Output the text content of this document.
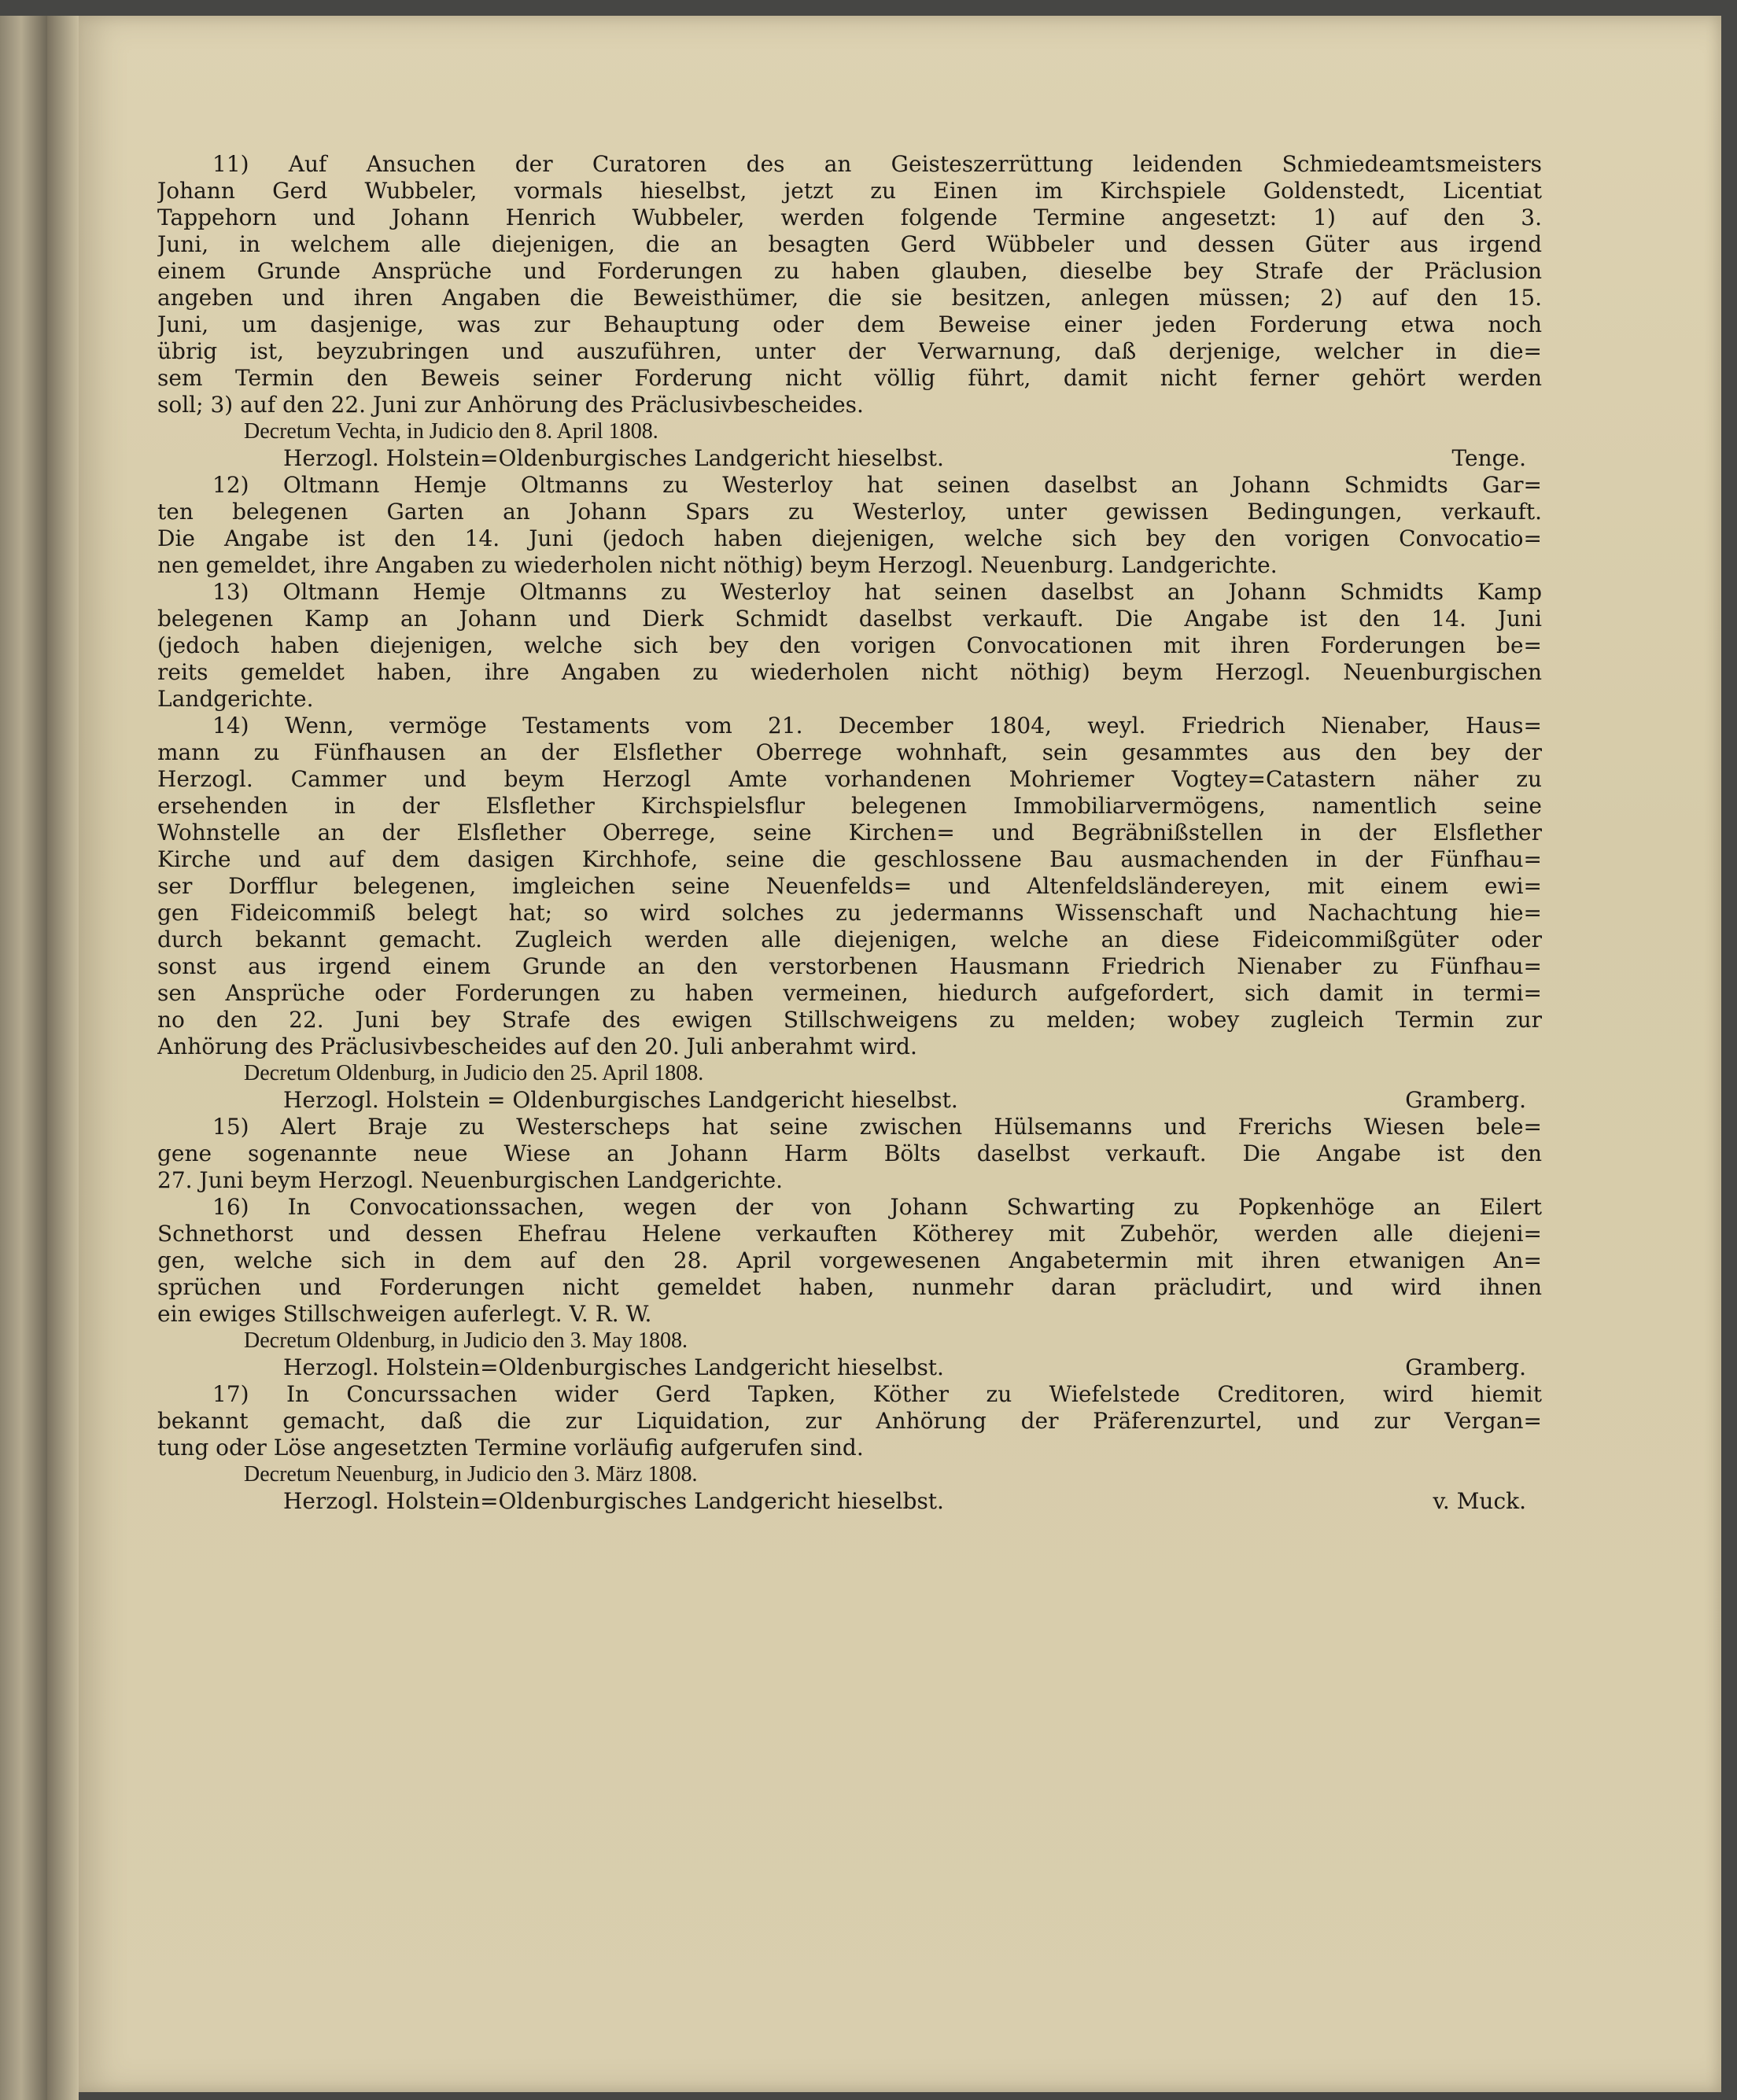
11) Auf Ansuchen der Curatoren des an Geisteszerrüttung leidenden Schmiedeamtsmeisters
Johann Gerd Wubbeler, vormals hieselbst, jetzt zu Einen im Kirchspiele Goldenstedt, Licentiat
Tappehorn und Johann Henrich Wubbeler, werden folgende Termine angesetzt: 1) auf den 3.
Juni, in welchem alle diejenigen, die an besagten Gerd Wübbeler und dessen Güter aus irgend
einem Grunde Ansprüche und Forderungen zu haben glauben, dieselbe bey Strafe der Präclusion
angeben und ihren Angaben die Beweisthümer, die sie besitzen, anlegen müssen; 2) auf den 15.
Juni, um dasjenige, was zur Behauptung oder dem Beweise einer jeden Forderung etwa noch
übrig ist, beyzubringen und auszuführen, unter der Verwarnung, daß derjenige, welcher in die=
sem Termin den Beweis seiner Forderung nicht völlig führt, damit nicht ferner gehört werden
soll; 3) auf den 22. Juni zur Anhörung des Präclusivbescheides.
Decretum Vechta, in Judicio den 8. April 1808.
Herzogl. Holstein=Oldenburgisches Landgericht hieselbst.	Tenge.
12) Oltmann Hemje Oltmanns zu Westerloy hat seinen daselbst an Johann Schmidts Gar=
ten belegenen Garten an Johann Spars zu Westerloy, unter gewissen Bedingungen, verkauft.
Die Angabe ist den 14. Juni (jedoch haben diejenigen, welche sich bey den vorigen Convocatio=
nen gemeldet, ihre Angaben zu wiederholen nicht nöthig) beym Herzogl. Neuenburg. Landgerichte.
13) Oltmann Hemje Oltmanns zu Westerloy hat seinen daselbst an Johann Schmidts Kamp
belegenen Kamp an Johann und Dierk Schmidt daselbst verkauft. Die Angabe ist den 14. Juni
(jedoch haben diejenigen, welche sich bey den vorigen Convocationen mit ihren Forderungen be=
reits gemeldet haben, ihre Angaben zu wiederholen nicht nöthig) beym Herzogl. Neuenburgischen
Landgerichte.
14) Wenn, vermöge Testaments vom 21. December 1804, weyl. Friedrich Nienaber, Haus=
mann zu Fünfhausen an der Elsflether Oberrege wohnhaft, sein gesammtes aus den bey der
Herzogl. Cammer und beym Herzogl Amte vorhandenen Mohriemer Vogtey=Catastern näher zu
ersehenden in der Elsflether Kirchspielsflur belegenen Immobiliarvermögens, namentlich seine
Wohnstelle an der Elsflether Oberrege, seine Kirchen= und Begräbnißstellen in der Elsflether
Kirche und auf dem dasigen Kirchhofe, seine die geschlossene Bau ausmachenden in der Fünfhau=
ser Dorfflur belegenen, imgleichen seine Neuenfelds= und Altenfeldsländereyen, mit einem ewi=
gen Fideicommiß belegt hat; so wird solches zu jedermanns Wissenschaft und Nachachtung hie=
durch bekannt gemacht. Zugleich werden alle diejenigen, welche an diese Fideicommißgüter oder
sonst aus irgend einem Grunde an den verstorbenen Hausmann Friedrich Nienaber zu Fünfhau=
sen Ansprüche oder Forderungen zu haben vermeinen, hiedurch aufgefordert, sich damit in termi=
no den 22. Juni bey Strafe des ewigen Stillschweigens zu melden; wobey zugleich Termin zur
Anhörung des Präclusivbescheides auf den 20. Juli anberahmt wird.
Decretum Oldenburg, in Judicio den 25. April 1808.
Herzogl. Holstein = Oldenburgisches Landgericht hieselbst.	Gramberg.
15) Alert Braje zu Westerscheps hat seine zwischen Hülsemanns und Frerichs Wiesen bele=
gene sogenannte neue Wiese an Johann Harm Bölts daselbst verkauft. Die Angabe ist den
27. Juni beym Herzogl. Neuenburgischen Landgerichte.
16) In Convocationssachen, wegen der von Johann Schwarting zu Popkenhöge an Eilert
Schnethorst und dessen Ehefrau Helene verkauften Kötherey mit Zubehör, werden alle diejeni=
gen, welche sich in dem auf den 28. April vorgewesenen Angabetermin mit ihren etwanigen An=
sprüchen und Forderungen nicht gemeldet haben, nunmehr daran präcludirt, und wird ihnen
ein ewiges Stillschweigen auferlegt. V. R. W.
Decretum Oldenburg, in Judicio den 3. May 1808.
Herzogl. Holstein=Oldenburgisches Landgericht hieselbst.	Gramberg.
17) In Concurssachen wider Gerd Tapken, Köther zu Wiefelstede Creditoren, wird hiemit
bekannt gemacht, daß die zur Liquidation, zur Anhörung der Präferenzurtel, und zur Vergan=
tung oder Löse angesetzten Termine vorläufig aufgerufen sind.
Decretum Neuenburg, in Judicio den 3. März 1808.
Herzogl. Holstein=Oldenburgisches Landgericht hieselbst.	v. Muck.
